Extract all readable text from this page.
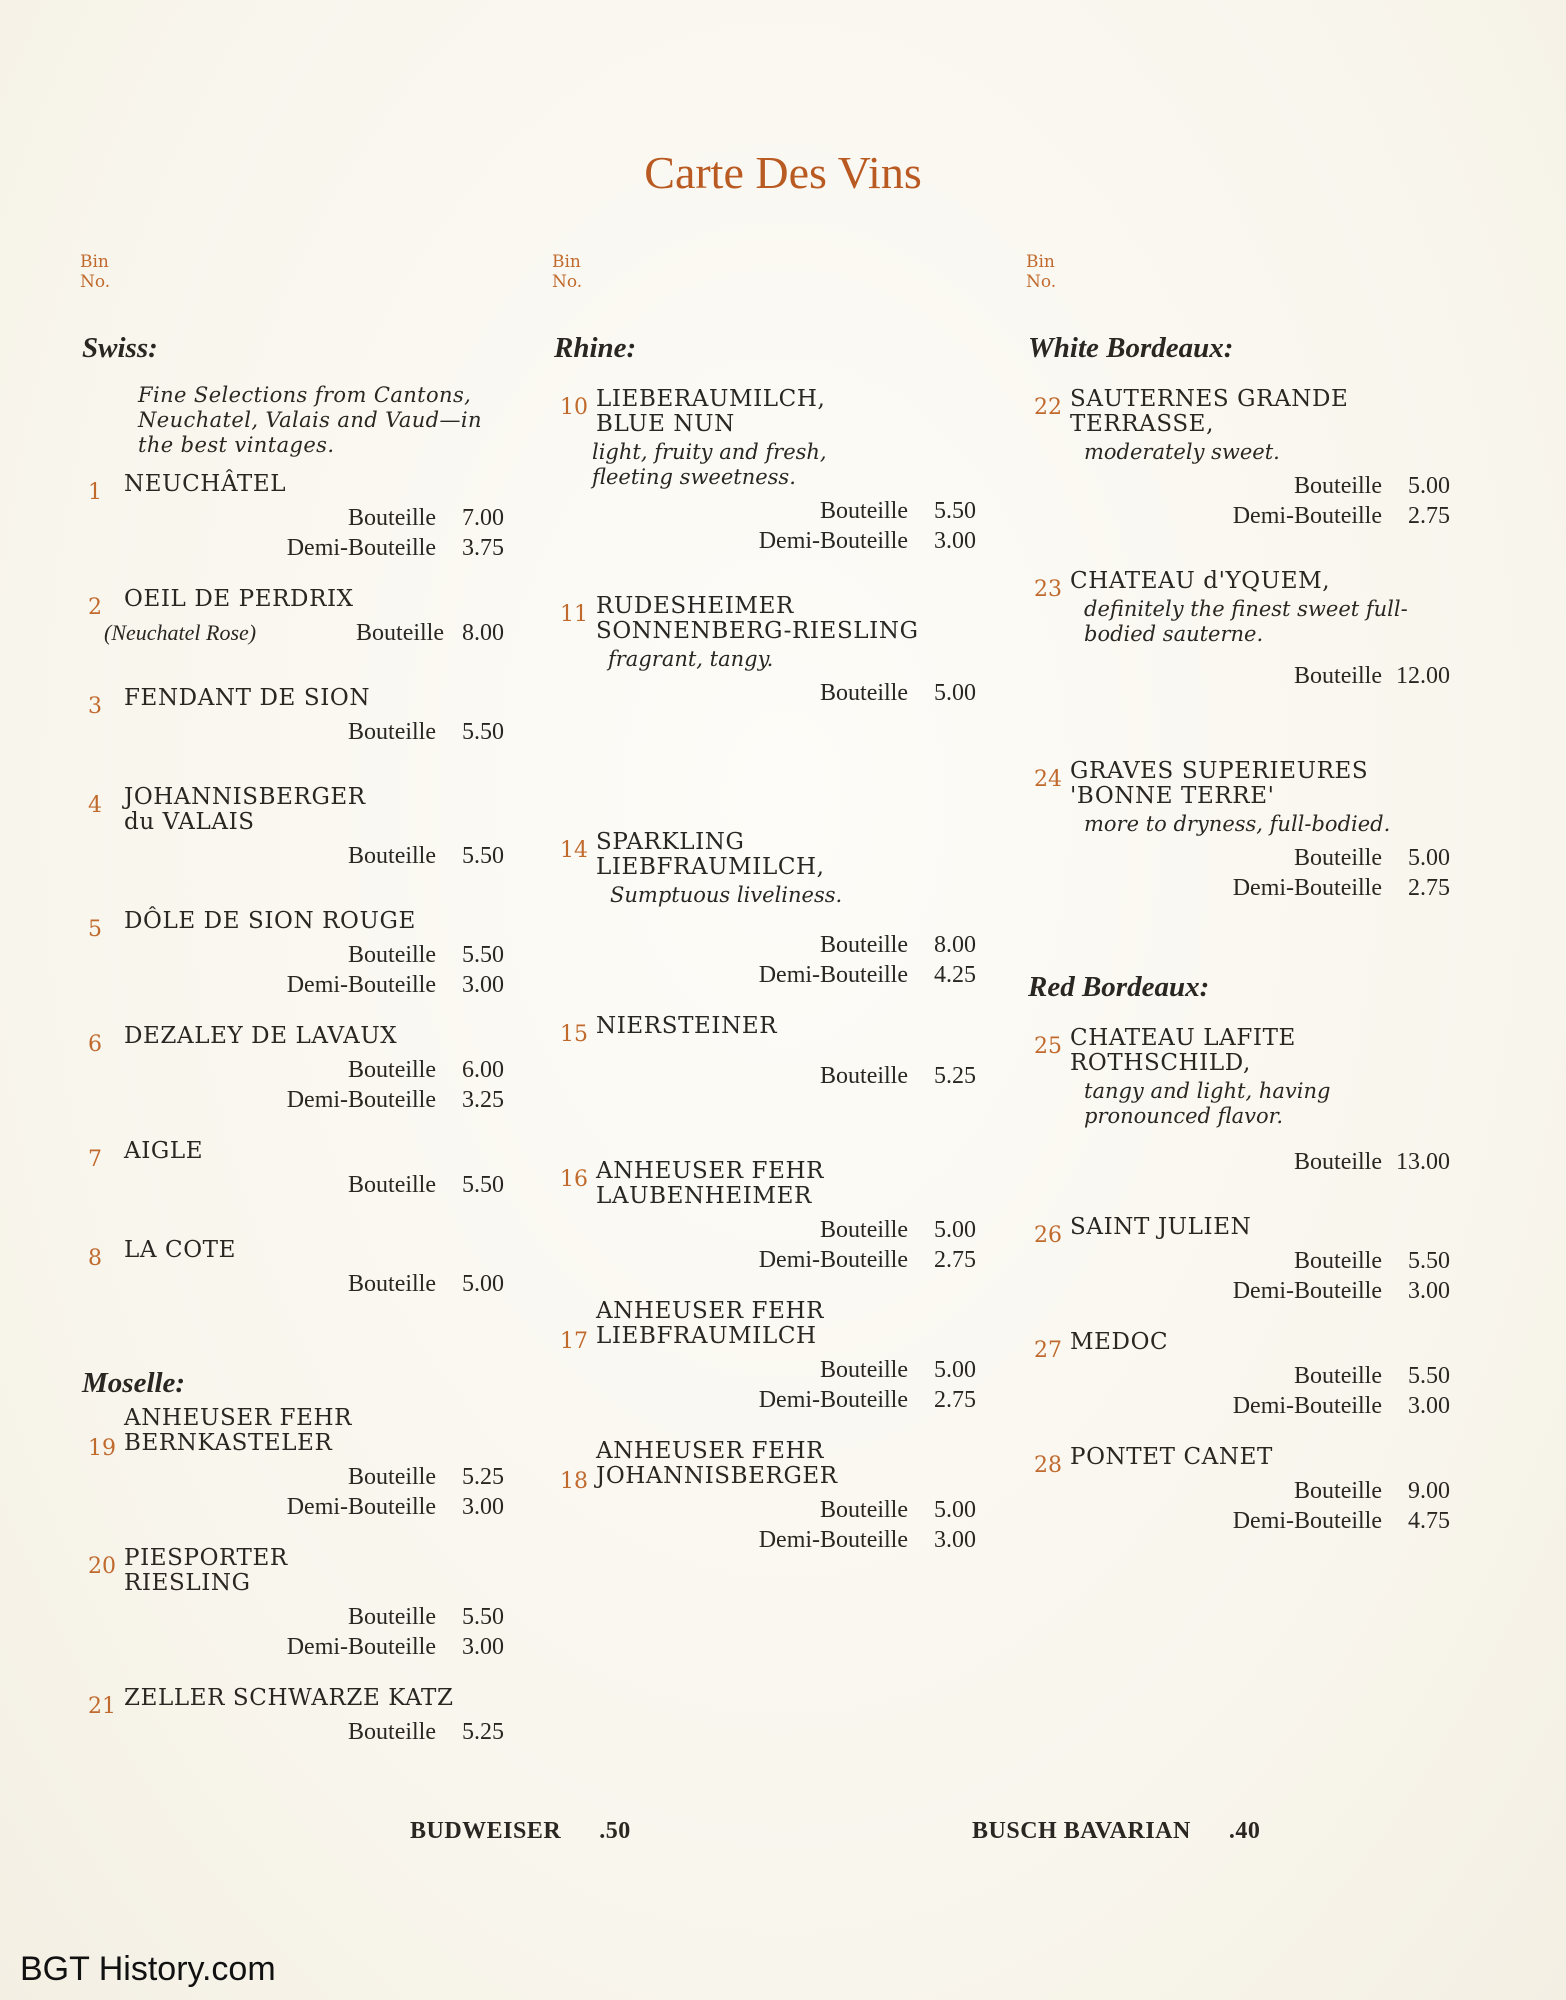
Carte Des Vins
Bin
No.
Swiss:
Fine Selections from Cantons, Neuchatel, Valais and Vaud—in the best vintages.
1 NEUCHÂTEL
Bouteille	7.00
Demi-Bouteille	3.75
2 OEIL DE PERDRIX
(Neuchatel Rose)	Bouteille 8.00
3 FENDANT DE SION
Bouteille	5.50
4 JOHANNISBERGER du VALAIS
Bouteille	5.50
5 DÔLE DE SION ROUGE
Bouteille	5.50
Demi-Bouteille	3.00
6 DEZALEY DE LAVAUX
Bouteille	6.00
Demi-Bouteille	3.25
7 AIGLE
Bouteille	5.50
8 LA COTE
Bouteille	5.00
Moselle:
19
ANHEUSER FEHR BERNKASTELER
Bouteille	5.25
Demi-Bouteille	3.00
20 PIESPORTER RIESLING
Bouteille	5.50
Demi-Bouteille	3.00
21 ZELLER SCHWARZE KATZ
Bouteille	5.25
Bin
No.
Rhine:
10 LIEBERAUMILCH, BLUE NUN
light, fruity and fresh, fleeting sweetness.
Bouteille	5.50
Demi-Bouteille	3.00
11 RUDESHEIMER SONNENBERG-RIESLING
fragrant, tangy.
Bouteille	5.00
14 SPARKLING LIEBFRAUMILCH,
Sumptuous liveliness.
Bouteille	8.00
Demi-Bouteille	4.25
15 NIERSTEINER
Bouteille	5.25
16 ANHEUSER FEHR LAUBENHEIMER
Bouteille	5.00
Demi-Bouteille	2.75
17
ANHEUSER FEHR LIEBFRAUMILCH
Bouteille	5.00
Demi-Bouteille	2.75
18
ANHEUSER FEHR JOHANNISBERGER
Bouteille	5.00
Demi-Bouteille	3.00
Bin
No.
White Bordeaux:
22 SAUTERNES GRANDE TERRASSE,
moderately sweet.
Bouteille	5.00
Demi-Bouteille	2.75
23 CHATEAU d'YQUEM,
definitely the finest sweet full-bodied sauterne.
Bouteille 12.00
24 GRAVES SUPERIEURES 'BONNE TERRE'
more to dryness, full-bodied.
Bouteille	5.00
Demi-Bouteille	2.75
Red Bordeaux:
25 CHATEAU LAFITE ROTHSCHILD,
tangy and light, having pronounced flavor.
Bouteille 13.00
26 SAINT JULIEN
Bouteille	5.50
Demi-Bouteille	3.00
27 MEDOC
Bouteille	5.50
Demi-Bouteille	3.00
28 PONTET CANET
Bouteille	9.00
Demi-Bouteille	4.75
BUDWEISER .50	BUSCH BAVARIAN .40
BGT History.com
